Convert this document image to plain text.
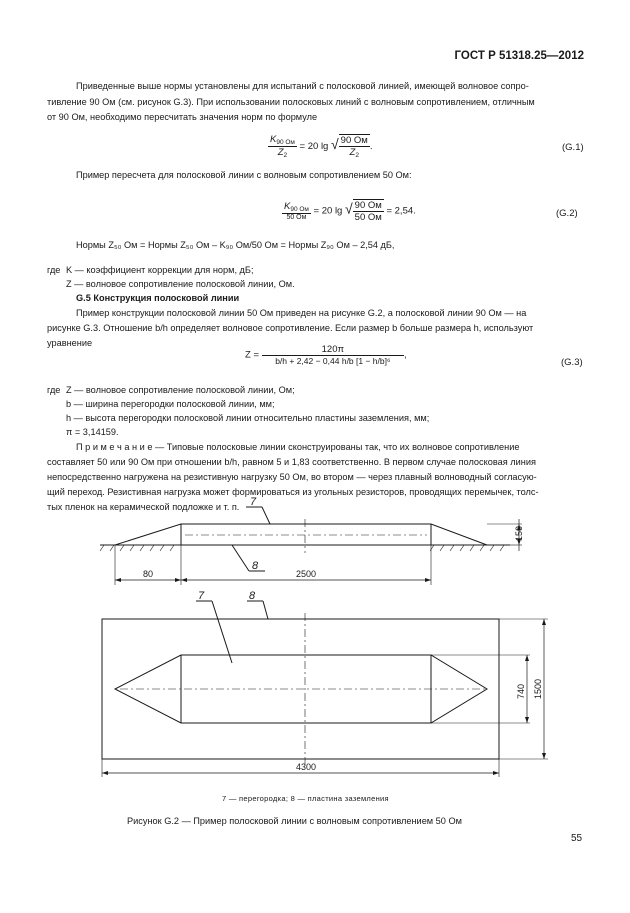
ГОСТ Р 51318.25—2012
Приведенные выше нормы установлены для испытаний с полосковой линией, имеющей волновое сопро-
тивление 90 Ом (см. рисунок G.3). При использовании полосковых линий с волновым сопротивлением, отличным
от 90 Ом, необходимо пересчитать значения норм по формуле
$\frac{K_{90 Ом}}{Z_2} = 20$ lg √ $\frac{90 Ом}{Z_2}$ .	(G.1)
Пример пересчета для полосковой линии с волновым сопротивлением 50 Ом:
$\frac{K_{90 Ом}}{50 Ом} = 20$ lg √ $\frac{90 Ом}{50 Ом} = 2,54$.	(G.2)
Нормы Z₅₀ Ом = Нормы Z₅₀ Ом – K₉₀ Ом/50 Ом = Нормы Z₉₀ Ом – 2,54 дБ,
где K — коэффициент коррекции для норм, дБ;
Z — волновое сопротивление полосковой линии, Ом.
G.5 Конструкция полосковой линии
Пример конструкции полосковой линии 50 Ом приведен на рисунке G.2, а полосковой линии 90 Ом — на
рисунке G.3. Отношение b/h определяет волновое сопротивление. Если размер b больше размера h, используют
уравнение
$Z = \frac{120\pi}{\text{b/h + 2,42 − 0,44 h/b [1 − h/b]⁶}}$ ,
(G.3)
где Z — волновое сопротивление полосковой линии, Ом;
b — ширина перегородки полосковой линии, мм;
h — высота перегородки полосковой линии относительно пластины заземления, мм;
π = 3,14159.
П р и м е ч а н и е — Типовые полосковые линии сконструированы так, что их волновое сопротивление
составляет 50 или 90 Ом при отношении b/h, равном 5 и 1,83 соответственно. В первом случае полосковая линия
непосредственно нагружена на резистивную нагрузку 50 Ом, во втором — через плавный волноводный согласую-
щий переход. Резистивная нагрузка может формироваться из угольных резисторов, проводящих перемычек, толс-
тых пленок на керамической подложке и т. п. 7
8
150
80	2500
7	8
740 1500
4300
7 — перегородка; 8 — пластина заземления
Рисунок G.2 — Пример полосковой линии с волновым сопротивлением 50 Ом
55
